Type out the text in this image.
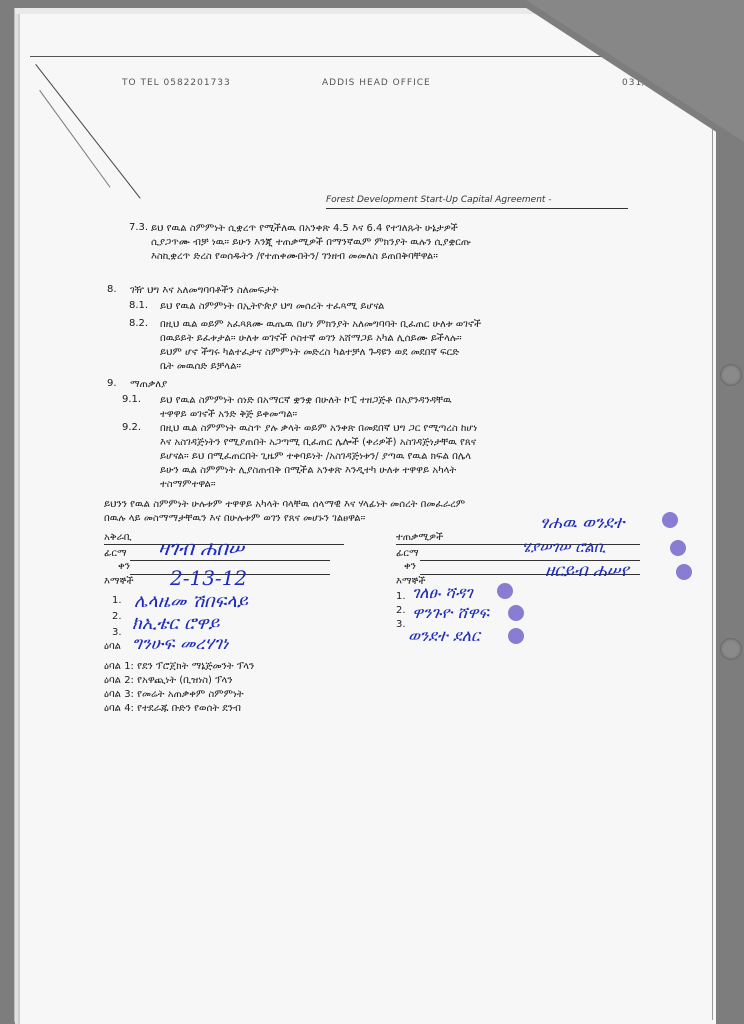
TO TEL 0582201733	ADDIS HEAD OFFICE	031/002
Forest Development Start-Up Capital Agreement -
7.3. ይህ የዉል ስምምነት ሲቋረጥ የሚችለዉ በአንቀጽ 4.5 እና 6.4 የተገለጹት ሁኔታዎች
ሲያጋጥሙ ብቻ ነዉ። ይሁን እንጂ ተጠቃሚዎች በማንኛዉም ምክንያት ዉሉን ሲያቋርጡ
እስኪቋረጥ ድረስ የወሰዱትን /የተጠቀሙበትን/ ገንዘብ መመለስ ይጠበቅባቸዋል።
8. ገዥ ህግ እና አለመግባባቶችን ስለመፍታት
8.1. ይህ የዉል ስምምነት በኢትዮጵያ ህግ መሰረት ተፈጻሚ ይሆናል
8.2. በዚህ ዉል ወይም አፈጻጸሙ ዉጤዉ በሆነ ምክንያት አለመግባባት ቢፈጠር ሁለቱ ወገኖች
በዉይይት ይፈቱታል። ሁለቱ ወገኖች ሶስተኛ ወገን አሸማጋይ አካል ሊሰይሙ ይችላሉ።
ይህም ሆኖ ችግሩ ካልተፈታና ስምምነት መድረስ ካልተቻለ ጉዳዩን ወደ መደበኛ ፍርድ
ቤት መዉሰድ ይቻላል።
9. ማጠቃለያ
9.1. ይህ የዉል ስምምነት ሰነድ በአማርኛ ቋንቋ በሁለት ኮፒ ተዘጋጅቶ በአያንዳንዳቸዉ
ተዋዋይ ወገኖች አንድ ቅጅ ይቀመጣል።
9.2. በዚህ ዉል ስምምነት ዉስጥ ያሉ ቃላት ወይም አንቀጽ በመደበኛ ህግ ጋር የሚጣረስ ከሆነ
እና አስገዳጅነትን የሚያጠበት አጋጣሚ ቢፈጠር ሌሎች (ቀሪዎች) አስገዳጅነታቸዉ የጸና
ይሆናል። ይህ በሚፈጠርበት ጊዜም ተቀባይነት /አስገዳጅነቱን/ ያጣዉ የዉል ክፍል በሌላ
ይሁን ዉል ስምምነት ሊያስጠብቅ በሚችል አንቀጽ እንዲተካ ሁለቱ ተዋዋይ አካላት
ተስማምተዋል።
ይህንን የዉል ስምምነት ሁሉቱም ተዋዋይ አካላት ባላቸዉ ሰላማዊ እና ሃላፊነት መሰረት በመፈራረም
በዉሉ ላይ መስማማታቸዉን እና በሁሉቱም ወገን የጸና መሆኑን ገልፀዋል።
አቅራቢ
ፊርማ
ቀን
እማኞች
1.
2.
3.
ዛገብ ሐበሠ
2-13-12
ሌላዜመ ሽበፍላይ
ክኢቴር ሮዋይ
ግንሁፍ መረሃገነ
ተጠቃሚዎች
ፊርማ
ቀን
እማኞች
1.
2.
3.
ፃሐዉ ወንደተ
ሄያሠገሠ ሮልቢ
ዘርይብ ሐሠየ
ገለፁ ሻዳገ
ዋንጉዮ ሸዋፍ
ወንደተ ደለር
ዕባል
ዕባል 1: የደን ፕሮጀክት ማኔጅመንት ፕላን
ዕባል 2: የአዋጪነት (ቢዝነስ) ፕላን
ዕባል 3: የመሬት አጠቃቀም ስምምነት
ዕባል 4: የተደራጁ ቡድን የወሰት ደንብ
